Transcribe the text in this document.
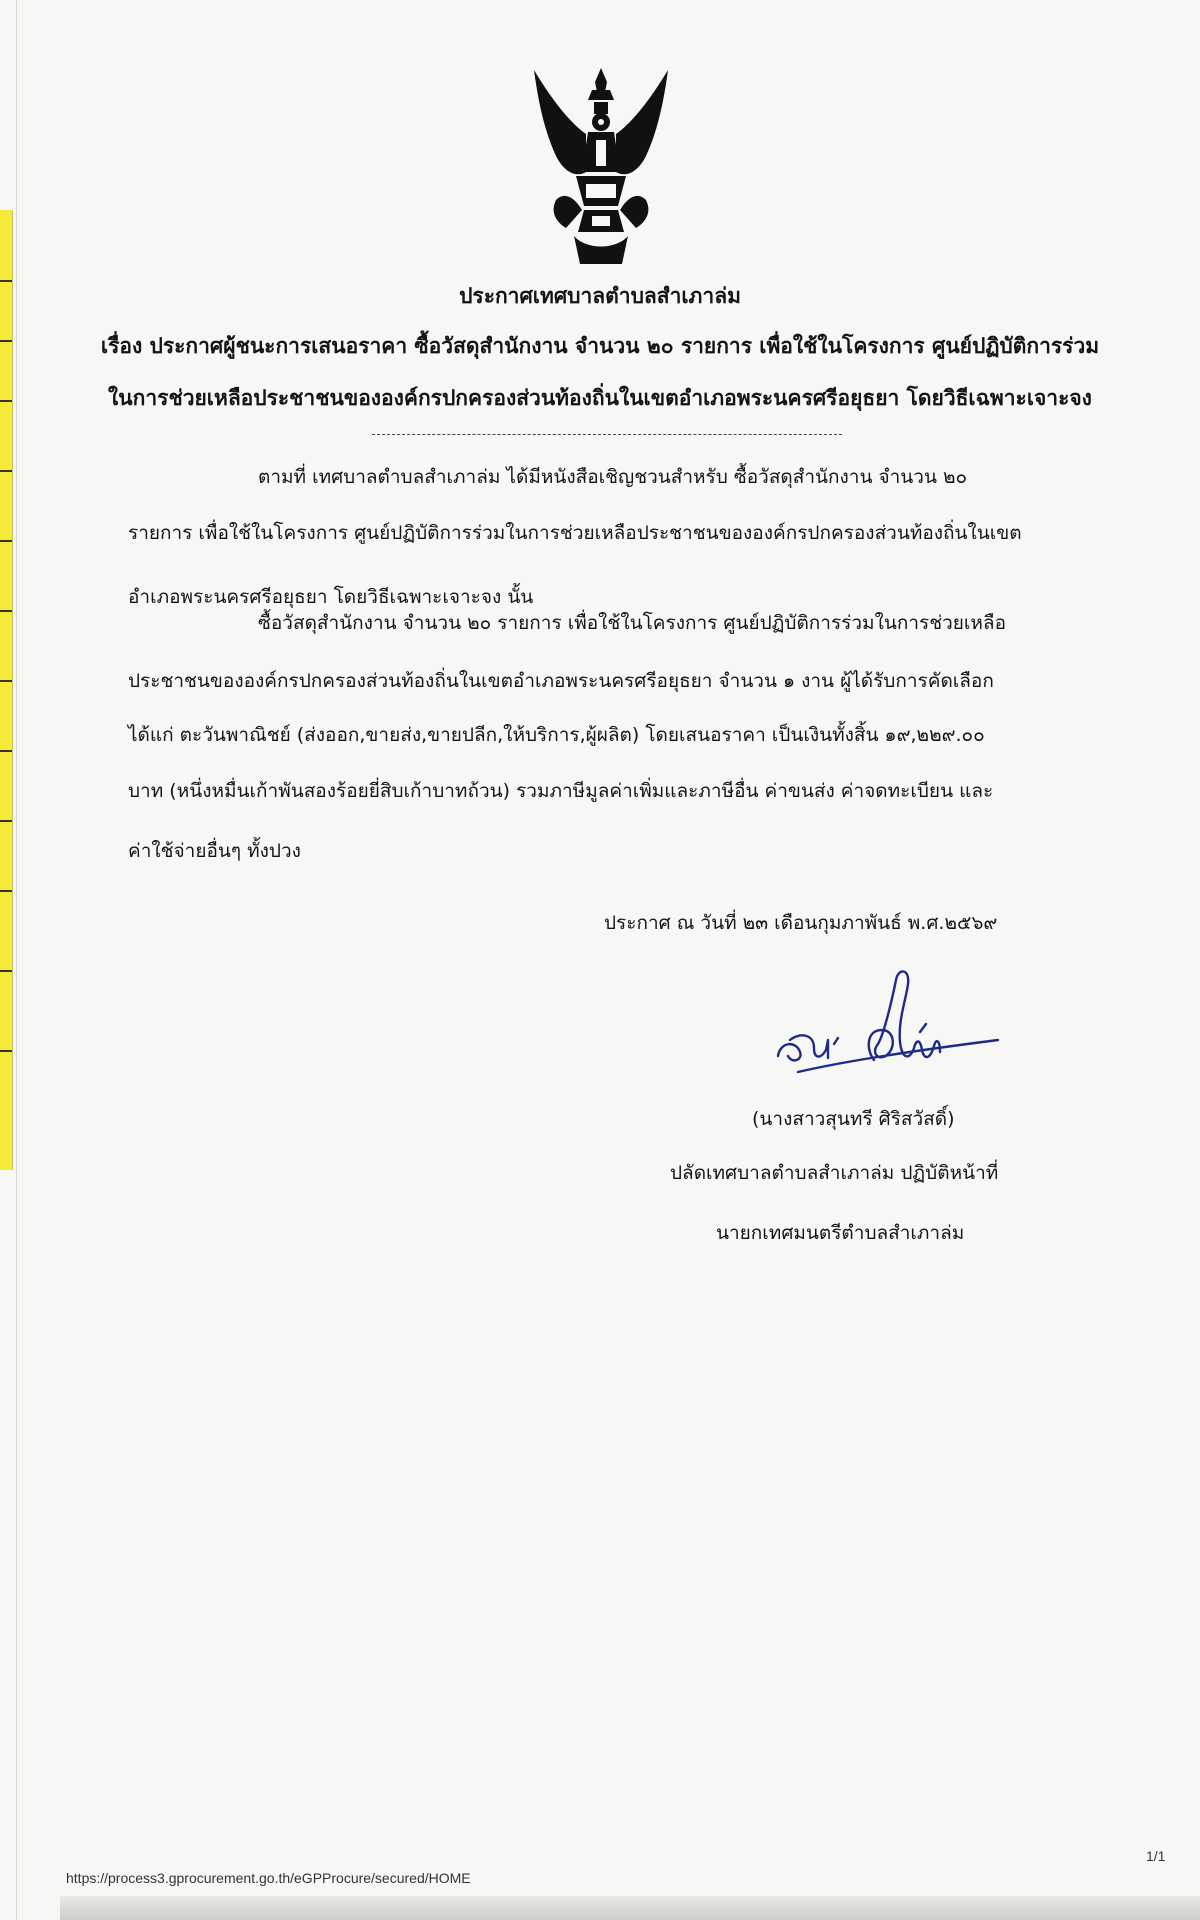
ประกาศเทศบาลตำบลสำเภาล่ม
เรื่อง ประกาศผู้ชนะการเสนอราคา ซื้อวัสดุสำนักงาน จำนวน ๒๐ รายการ เพื่อใช้ในโครงการ ศูนย์ปฏิบัติการร่วม
ในการช่วยเหลือประชาชนขององค์กรปกครองส่วนท้องถิ่นในเขตอำเภอพระนครศรีอยุธยา โดยวิธีเฉพาะเจาะจง
ตามที่ เทศบาลตำบลสำเภาล่ม ได้มีหนังสือเชิญชวนสำหรับ ซื้อวัสดุสำนักงาน จำนวน ๒๐
รายการ เพื่อใช้ในโครงการ ศูนย์ปฏิบัติการร่วมในการช่วยเหลือประชาชนขององค์กรปกครองส่วนท้องถิ่นในเขต
อำเภอพระนครศรีอยุธยา โดยวิธีเฉพาะเจาะจง นั้น
ซื้อวัสดุสำนักงาน จำนวน ๒๐ รายการ เพื่อใช้ในโครงการ ศูนย์ปฏิบัติการร่วมในการช่วยเหลือ
ประชาชนขององค์กรปกครองส่วนท้องถิ่นในเขตอำเภอพระนครศรีอยุธยา จำนวน ๑ งาน ผู้ได้รับการคัดเลือก
ได้แก่ ตะวันพาณิชย์ (ส่งออก,ขายส่ง,ขายปลีก,ให้บริการ,ผู้ผลิต) โดยเสนอราคา เป็นเงินทั้งสิ้น ๑๙,๒๒๙.๐๐
บาท (หนึ่งหมื่นเก้าพันสองร้อยยี่สิบเก้าบาทถ้วน) รวมภาษีมูลค่าเพิ่มและภาษีอื่น ค่าขนส่ง ค่าจดทะเบียน และ
ค่าใช้จ่ายอื่นๆ ทั้งปวง
ประกาศ ณ วันที่ ๒๓ เดือนกุมภาพันธ์ พ.ศ.๒๕๖๙
(นางสาวสุนทรี ศิริสวัสดิ์)
ปลัดเทศบาลตำบลสำเภาล่ม ปฏิบัติหน้าที่
นายกเทศมนตรีตำบลสำเภาล่ม
1/1
https://process3.gprocurement.go.th/eGPProcure/secured/HOME
